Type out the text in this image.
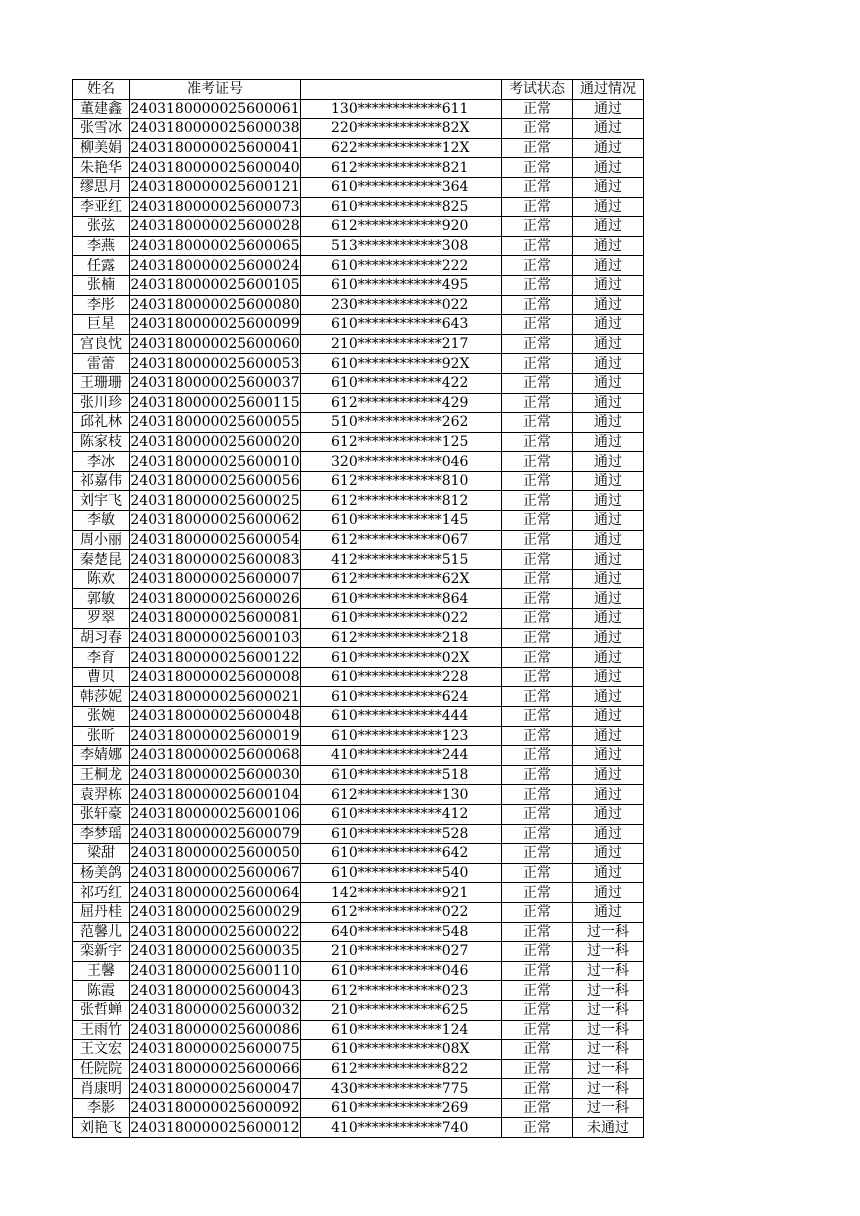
姓名	准考证号		考试状态	通过情况
董建鑫	2403180000025600061	130************611	正常	通过
张雪冰	2403180000025600038	220************82X	正常	通过
柳美娟	2403180000025600041	622************12X	正常	通过
朱艳华	2403180000025600040	612************821	正常	通过
缪思月	2403180000025600121	610************364	正常	通过
李亚红	2403180000025600073	610************825	正常	通过
张弦	2403180000025600028	612************920	正常	通过
李燕	2403180000025600065	513************308	正常	通过
任露	2403180000025600024	610************222	正常	通过
张楠	2403180000025600105	610************495	正常	通过
李彤	2403180000025600080	230************022	正常	通过
巨星	2403180000025600099	610************643	正常	通过
宫良忱	2403180000025600060	210************217	正常	通过
雷蕾	2403180000025600053	610************92X	正常	通过
王珊珊	2403180000025600037	610************422	正常	通过
张川珍	2403180000025600115	612************429	正常	通过
邱礼林	2403180000025600055	510************262	正常	通过
陈家枝	2403180000025600020	612************125	正常	通过
李冰	2403180000025600010	320************046	正常	通过
祁嘉伟	2403180000025600056	612************810	正常	通过
刘宇飞	2403180000025600025	612************812	正常	通过
李敏	2403180000025600062	610************145	正常	通过
周小丽	2403180000025600054	612************067	正常	通过
秦楚昆	2403180000025600083	412************515	正常	通过
陈欢	2403180000025600007	612************62X	正常	通过
郭敏	2403180000025600026	610************864	正常	通过
罗翠	2403180000025600081	610************022	正常	通过
胡习春	2403180000025600103	612************218	正常	通过
李育	2403180000025600122	610************02X	正常	通过
曹贝	2403180000025600008	610************228	正常	通过
韩莎妮	2403180000025600021	610************624	正常	通过
张婉	2403180000025600048	610************444	正常	通过
张昕	2403180000025600019	610************123	正常	通过
李婧娜	2403180000025600068	410************244	正常	通过
王桐龙	2403180000025600030	610************518	正常	通过
袁羿栋	2403180000025600104	612************130	正常	通过
张轩豪	2403180000025600106	610************412	正常	通过
李梦瑶	2403180000025600079	610************528	正常	通过
梁甜	2403180000025600050	610************642	正常	通过
杨美鸽	2403180000025600067	610************540	正常	通过
祁巧红	2403180000025600064	142************921	正常	通过
屈丹桂	2403180000025600029	612************022	正常	通过
范馨儿	2403180000025600022	640************548	正常	过一科
栾新宇	2403180000025600035	210************027	正常	过一科
王馨	2403180000025600110	610************046	正常	过一科
陈霞	2403180000025600043	612************023	正常	过一科
张哲蝉	2403180000025600032	210************625	正常	过一科
王雨竹	2403180000025600086	610************124	正常	过一科
王文宏	2403180000025600075	610************08X	正常	过一科
任院院	2403180000025600066	612************822	正常	过一科
肖康明	2403180000025600047	430************775	正常	过一科
李影	2403180000025600092	610************269	正常	过一科
刘艳飞	2403180000025600012	410************740	正常	未通过
